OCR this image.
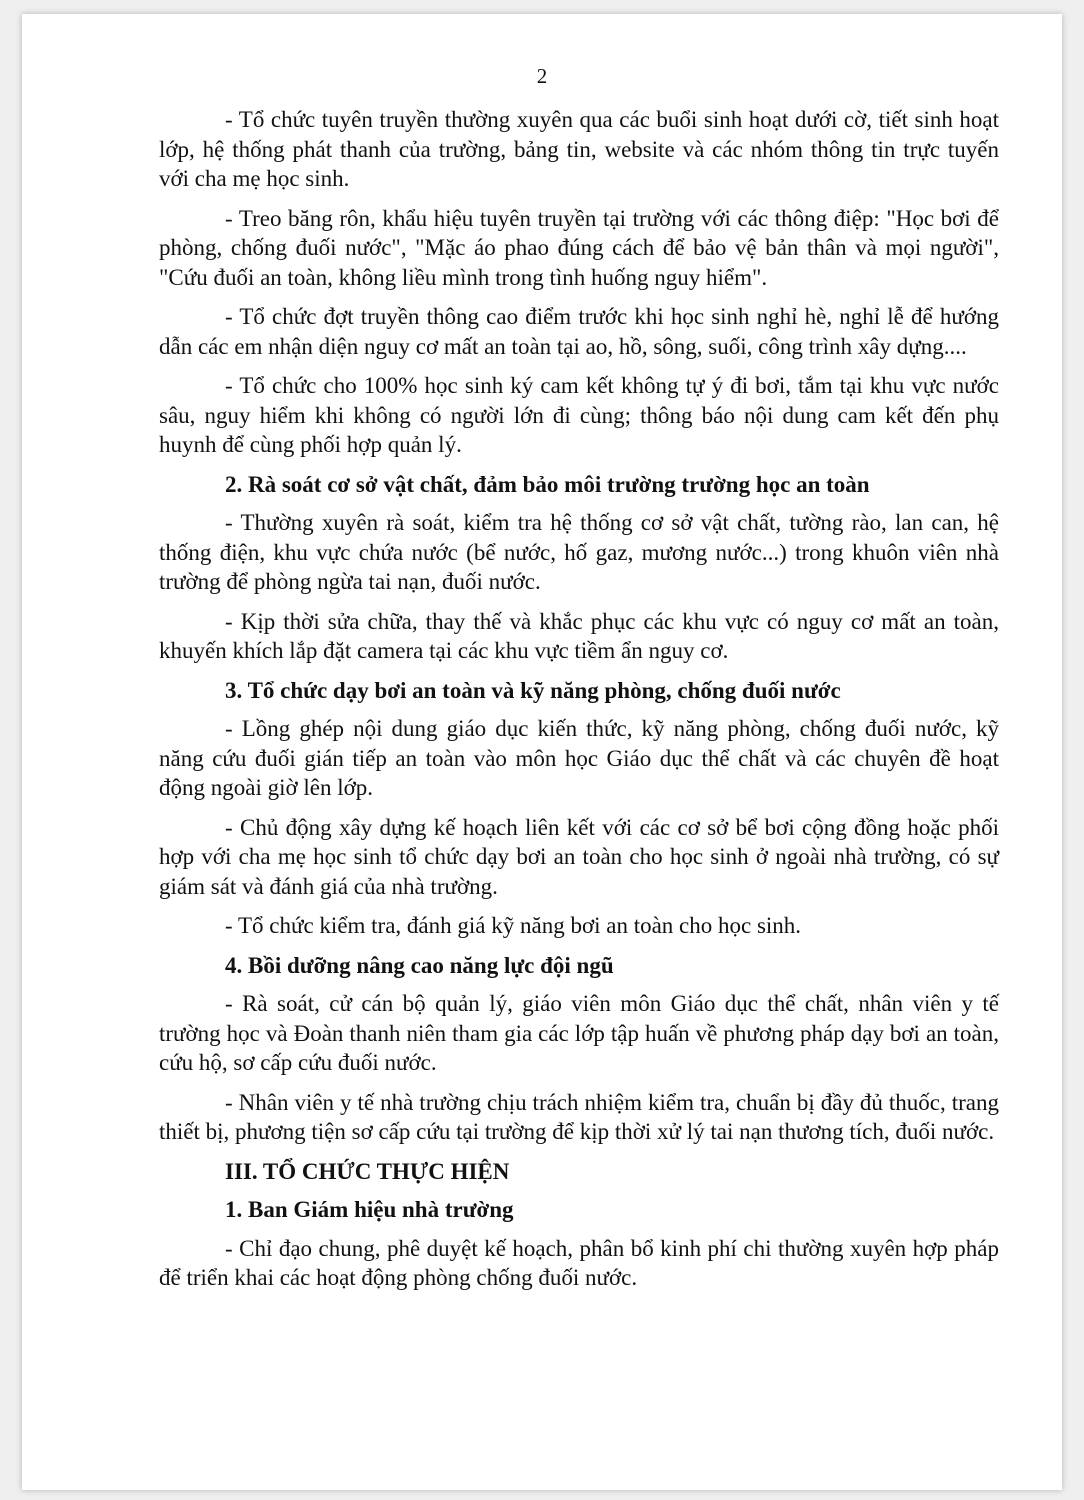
2

- Tổ chức tuyên truyền thường xuyên qua các buổi sinh hoạt dưới cờ, tiết sinh hoạt lớp, hệ thống phát thanh của trường, bảng tin, website và các nhóm thông tin trực tuyến với cha mẹ học sinh.

- Treo băng rôn, khẩu hiệu tuyên truyền tại trường với các thông điệp: "Học bơi để phòng, chống đuối nước", "Mặc áo phao đúng cách để bảo vệ bản thân và mọi người", "Cứu đuối an toàn, không liều mình trong tình huống nguy hiểm".

- Tổ chức đợt truyền thông cao điểm trước khi học sinh nghỉ hè, nghỉ lễ để hướng dẫn các em nhận diện nguy cơ mất an toàn tại ao, hồ, sông, suối, công trình xây dựng....

- Tổ chức cho 100% học sinh ký cam kết không tự ý đi bơi, tắm tại khu vực nước sâu, nguy hiểm khi không có người lớn đi cùng; thông báo nội dung cam kết đến phụ huynh để cùng phối hợp quản lý.

2. Rà soát cơ sở vật chất, đảm bảo môi trường trường học an toàn

- Thường xuyên rà soát, kiểm tra hệ thống cơ sở vật chất, tường rào, lan can, hệ thống điện, khu vực chứa nước (bể nước, hố gaz, mương nước...) trong khuôn viên nhà trường để phòng ngừa tai nạn, đuối nước.

- Kịp thời sửa chữa, thay thế và khắc phục các khu vực có nguy cơ mất an toàn, khuyến khích lắp đặt camera tại các khu vực tiềm ẩn nguy cơ.

3. Tổ chức dạy bơi an toàn và kỹ năng phòng, chống đuối nước

- Lồng ghép nội dung giáo dục kiến thức, kỹ năng phòng, chống đuối nước, kỹ năng cứu đuối gián tiếp an toàn vào môn học Giáo dục thể chất và các chuyên đề hoạt động ngoài giờ lên lớp.

- Chủ động xây dựng kế hoạch liên kết với các cơ sở bể bơi cộng đồng hoặc phối hợp với cha mẹ học sinh tổ chức dạy bơi an toàn cho học sinh ở ngoài nhà trường, có sự giám sát và đánh giá của nhà trường.

- Tổ chức kiểm tra, đánh giá kỹ năng bơi an toàn cho học sinh.

4. Bồi dưỡng nâng cao năng lực đội ngũ

- Rà soát, cử cán bộ quản lý, giáo viên môn Giáo dục thể chất, nhân viên y tế trường học và Đoàn thanh niên tham gia các lớp tập huấn về phương pháp dạy bơi an toàn, cứu hộ, sơ cấp cứu đuối nước.

- Nhân viên y tế nhà trường chịu trách nhiệm kiểm tra, chuẩn bị đầy đủ thuốc, trang thiết bị, phương tiện sơ cấp cứu tại trường để kịp thời xử lý tai nạn thương tích, đuối nước.

III. TỔ CHỨC THỰC HIỆN

1. Ban Giám hiệu nhà trường

- Chỉ đạo chung, phê duyệt kế hoạch, phân bổ kinh phí chi thường xuyên hợp pháp để triển khai các hoạt động phòng chống đuối nước.
